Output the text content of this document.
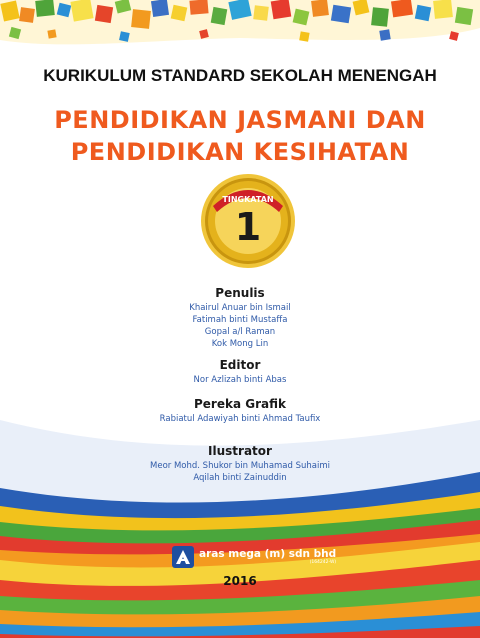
KURIKULUM STANDARD SEKOLAH MENENGAH
PENDIDIKAN JASMANI DAN
PENDIDIKAN KESIHATAN
TINGKATAN
1
Penulis
Khairul Anuar bin Ismail
Fatimah binti Mustaffa
Gopal a/l Raman
Kok Mong Lin
Editor
Nor Azlizah binti Abas
Pereka Grafik
Rabiatul Adawiyah binti Ahmad Taufix
Ilustrator
Meor Mohd. Shukor bin Muhamad Suhaimi
Aqilah binti Zainuddin
aras mega (m) sdn bhd
(164242-W)
2016
